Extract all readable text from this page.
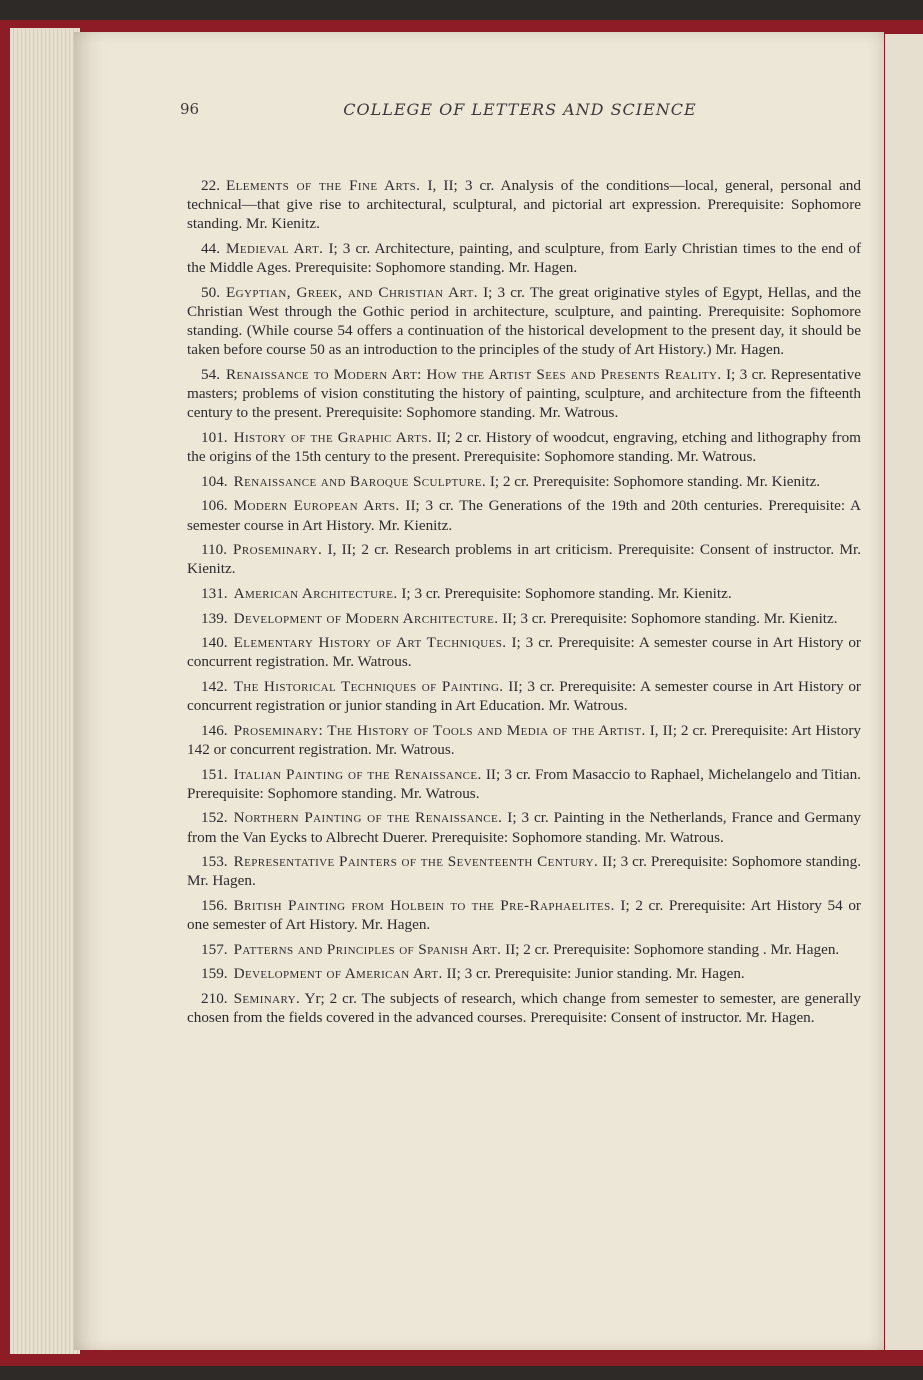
96	COLLEGE OF LETTERS AND SCIENCE

22. Elements of the Fine Arts. I, II; 3 cr. Analysis of the conditions—local, general, personal and technical—that give rise to architectural, sculptural, and pictorial art expression. Prerequisite: Sophomore standing. Mr. Kienitz.

44. Medieval Art. I; 3 cr. Architecture, painting, and sculpture, from Early Christian times to the end of the Middle Ages. Prerequisite: Sophomore standing. Mr. Hagen.

50. Egyptian, Greek, and Christian Art. I; 3 cr. The great originative styles of Egypt, Hellas, and the Christian West through the Gothic period in architecture, sculpture, and painting. Prerequisite: Sophomore standing. (While course 54 offers a continuation of the historical development to the present day, it should be taken before course 50 as an introduction to the principles of the study of Art History.) Mr. Hagen.

54. Renaissance to Modern Art: How the Artist Sees and Presents Reality. I; 3 cr. Representative masters; problems of vision constituting the history of painting, sculpture, and architecture from the fifteenth century to the present. Prerequisite: Sophomore standing. Mr. Watrous.

101. History of the Graphic Arts. II; 2 cr. History of woodcut, engraving, etching and lithography from the origins of the 15th century to the present. Prerequisite: Sophomore standing. Mr. Watrous.

104. Renaissance and Baroque Sculpture. I; 2 cr. Prerequisite: Sophomore standing. Mr. Kienitz.

106. Modern European Arts. II; 3 cr. The Generations of the 19th and 20th centuries. Prerequisite: A semester course in Art History. Mr. Kienitz.

110. Proseminary. I, II; 2 cr. Research problems in art criticism. Prerequisite: Consent of instructor. Mr. Kienitz.

131. American Architecture. I; 3 cr. Prerequisite: Sophomore standing. Mr. Kienitz.

139. Development of Modern Architecture. II; 3 cr. Prerequisite: Sophomore standing. Mr. Kienitz.

140. Elementary History of Art Techniques. I; 3 cr. Prerequisite: A semester course in Art History or concurrent registration. Mr. Watrous.

142. The Historical Techniques of Painting. II; 3 cr. Prerequisite: A semester course in Art History or concurrent registration or junior standing in Art Education. Mr. Watrous.

146. Proseminary: The History of Tools and Media of the Artist. I, II; 2 cr. Prerequisite: Art History 142 or concurrent registration. Mr. Watrous.

151. Italian Painting of the Renaissance. II; 3 cr. From Masaccio to Raphael, Michelangelo and Titian. Prerequisite: Sophomore standing. Mr. Watrous.

152. Northern Painting of the Renaissance. I; 3 cr. Painting in the Netherlands, France and Germany from the Van Eycks to Albrecht Duerer. Prerequisite: Sophomore standing. Mr. Watrous.

153. Representative Painters of the Seventeenth Century. II; 3 cr. Prerequisite: Sophomore standing. Mr. Hagen.

156. British Painting from Holbein to the Pre-Raphaelites. I; 2 cr. Prerequisite: Art History 54 or one semester of Art History. Mr. Hagen.

157. Patterns and Principles of Spanish Art. II; 2 cr. Prerequisite: Sophomore standing . Mr. Hagen.

159. Development of American Art. II; 3 cr. Prerequisite: Junior standing. Mr. Hagen.

210. Seminary. Yr; 2 cr. The subjects of research, which change from semester to semester, are generally chosen from the fields covered in the advanced courses. Prerequisite: Consent of instructor. Mr. Hagen.
